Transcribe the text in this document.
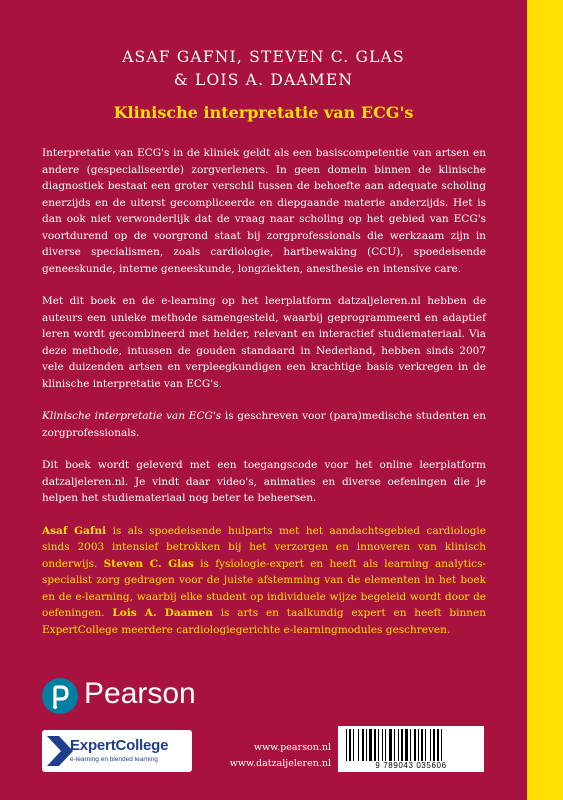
ASAF GAFNI, STEVEN C. GLAS
& LOIS A. DAAMEN
Klinische interpretatie van ECG's

Interpretatie van ECG's in de kliniek geldt als een basiscompetentie van artsen en andere (gespecialiseerde) zorgverleners. In geen domein binnen de klinische diagnostiek bestaat een groter verschil tussen de behoefte aan adequate scholing enerzijds en de uiterst gecompliceerde en diepgaande materie anderzijds. Het is dan ook niet verwonderlijk dat de vraag naar scholing op het gebied van ECG's voortdurend op de voorgrond staat bij zorgprofessionals die werkzaam zijn in diverse specialismen, zoals cardiologie, hartbewaking (CCU), spoedeisende geneeskunde, interne geneeskunde, longziekten, anesthesie en intensive care.

Met dit boek en de e-learning op het leerplatform datzaljeleren.nl hebben de auteurs een unieke methode samengesteld, waarbij geprogrammeerd en adaptief leren wordt gecombineerd met helder, relevant en interactief studiemateriaal. Via deze methode, intussen de gouden standaard in Nederland, hebben sinds 2007 vele duizenden artsen en verpleegkundigen een krachtige basis verkregen in de klinische interpretatie van ECG's.

Klinische interpretatie van ECG's is geschreven voor (para)medische studenten en zorgprofessionals.

Dit boek wordt geleverd met een toegangscode voor het online leerplatform datzaljeleren.nl. Je vindt daar video's, animaties en diverse oefeningen die je helpen het studiemateriaal nog beter te beheersen.

Asaf Gafni is als spoedeisende hulparts met het aandachtsgebied cardiologie sinds 2003 intensief betrokken bij het verzorgen en innoveren van klinisch onderwijs. Steven C. Glas is fysiologie-expert en heeft als learning analytics-specialist zorg gedragen voor de juiste afstemming van de elementen in het boek en de e-learning, waarbij elke student op individuele wijze begeleid wordt door de oefeningen. Lois A. Daamen is arts en taalkundig expert en heeft binnen ExpertCollege meerdere cardiologiegerichte e-learningmodules geschreven.

Pearson
ExpertCollege
e-learning en blended learning
www.pearson.nl
www.datzaljeleren.nl	9 789043 035606
